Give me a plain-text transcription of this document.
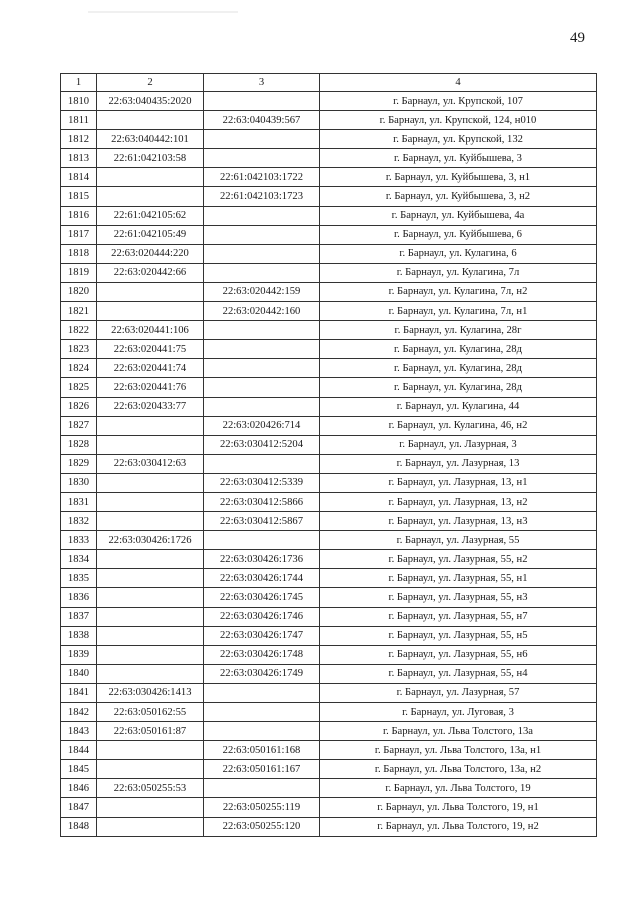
49
1	2	3	4
1810	22:63:040435:2020		г. Барнаул, ул. Крупской, 107
1811		22:63:040439:567	г. Барнаул, ул. Крупской, 124, н010
1812	22:63:040442:101		г. Барнаул, ул. Крупской, 132
1813	22:61:042103:58		г. Барнаул, ул. Куйбышева, 3
1814		22:61:042103:1722	г. Барнаул, ул. Куйбышева, 3, н1
1815		22:61:042103:1723	г. Барнаул, ул. Куйбышева, 3, н2
1816	22:61:042105:62		г. Барнаул, ул. Куйбышева, 4а
1817	22:61:042105:49		г. Барнаул, ул. Куйбышева, 6
1818	22:63:020444:220		г. Барнаул, ул. Кулагина, 6
1819	22:63:020442:66		г. Барнаул, ул. Кулагина, 7л
1820		22:63:020442:159	г. Барнаул, ул. Кулагина, 7л, н2
1821		22:63:020442:160	г. Барнаул, ул. Кулагина, 7л, н1
1822	22:63:020441:106		г. Барнаул, ул. Кулагина, 28г
1823	22:63:020441:75		г. Барнаул, ул. Кулагина, 28д
1824	22:63:020441:74		г. Барнаул, ул. Кулагина, 28д
1825	22:63:020441:76		г. Барнаул, ул. Кулагина, 28д
1826	22:63:020433:77		г. Барнаул, ул. Кулагина, 44
1827		22:63:020426:714	г. Барнаул, ул. Кулагина, 46, н2
1828		22:63:030412:5204	г. Барнаул, ул. Лазурная, 3
1829	22:63:030412:63		г. Барнаул, ул. Лазурная, 13
1830		22:63:030412:5339	г. Барнаул, ул. Лазурная, 13, н1
1831		22:63:030412:5866	г. Барнаул, ул. Лазурная, 13, н2
1832		22:63:030412:5867	г. Барнаул, ул. Лазурная, 13, н3
1833	22:63:030426:1726		г. Барнаул, ул. Лазурная, 55
1834		22:63:030426:1736	г. Барнаул, ул. Лазурная, 55, н2
1835		22:63:030426:1744	г. Барнаул, ул. Лазурная, 55, н1
1836		22:63:030426:1745	г. Барнаул, ул. Лазурная, 55, н3
1837		22:63:030426:1746	г. Барнаул, ул. Лазурная, 55, н7
1838		22:63:030426:1747	г. Барнаул, ул. Лазурная, 55, н5
1839		22:63:030426:1748	г. Барнаул, ул. Лазурная, 55, н6
1840		22:63:030426:1749	г. Барнаул, ул. Лазурная, 55, н4
1841	22:63:030426:1413		г. Барнаул, ул. Лазурная, 57
1842	22:63:050162:55		г. Барнаул, ул. Луговая, 3
1843	22:63:050161:87		г. Барнаул, ул. Льва Толстого, 13а
1844		22:63:050161:168	г. Барнаул, ул. Льва Толстого, 13а, н1
1845		22:63:050161:167	г. Барнаул, ул. Льва Толстого, 13а, н2
1846	22:63:050255:53		г. Барнаул, ул. Льва Толстого, 19
1847		22:63:050255:119	г. Барнаул, ул. Льва Толстого, 19, н1
1848		22:63:050255:120	г. Барнаул, ул. Льва Толстого, 19, н2
